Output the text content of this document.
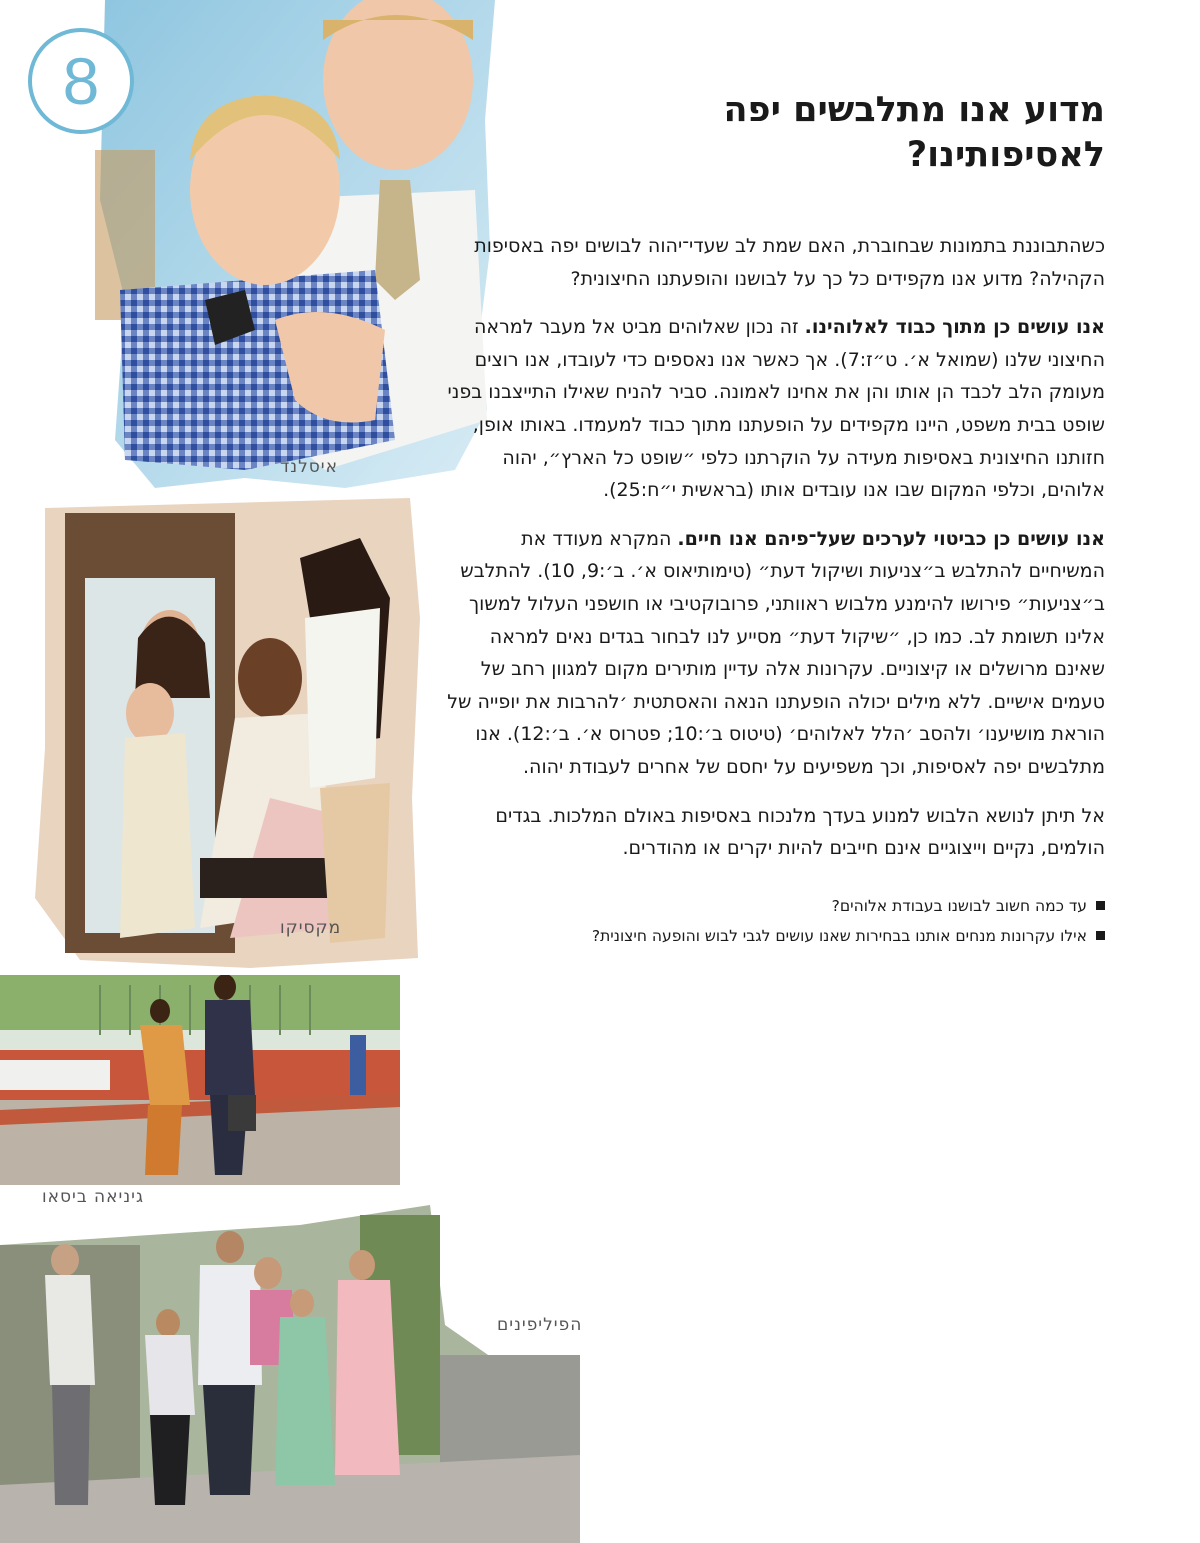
איסלנד
מקסיקו
גיניאה ביסאו
הפיליפינים
8	מדוע אנו מתלבשים יפה לאסיפותינו?

כשהתבוננת בתמונות שבחוברת, האם שמת לב שעדי־יהוה לבושים יפה באסיפות הקהילה? מדוע אנו מקפידים כל כך על לבושנו והופעתנו החיצונית?

אנו עושים כן מתוך כבוד לאלוהינו. זה נכון שאלוהים מביט אל מעבר למראה החיצוני שלנו (שמואל א׳. ט״ז:7). אך כאשר אנו נאספים כדי לעובדו, אנו רוצים מעומק הלב לכבד הן אותו והן את אחינו לאמונה. סביר להניח שאילו התייצבנו בפני שופט בבית משפט, היינו מקפידים על הופעתנו מתוך כבוד למעמדו. באותו אופן, חזותנו החיצונית באסיפות מעידה על הוקרתנו כלפי ״שופט כל הארץ״, יהוה אלוהים, וכלפי המקום שבו אנו עובדים אותו (בראשית י״ח:25).

אנו עושים כן כביטוי לערכים שעל־פיהם אנו חיים. המקרא מעודד את המשיחיים להתלבש ב״צניעות ושיקול דעת״ (טימותיאוס א׳. ב׳:9, 10). להתלבש ב״צניעות״ פירושו להימנע מלבוש ראוותני, פרובוקטיבי או חושפני העלול למשוך אלינו תשומת לב. כמו כן, ״שיקול דעת״ מסייע לנו לבחור בגדים נאים למראה שאינם מרושלים או קיצוניים. עקרונות אלה עדיין מותירים מקום למגוון רחב של טעמים אישיים. ללא מילים יכולה הופעתנו הנאה והאסתטית ׳להרבות את יופייה של הוראת מושיענו׳ ולהסב ׳הלל לאלוהים׳ (טיטוס ב׳:10; פטרוס א׳. ב׳:12). אנו מתלבשים יפה לאסיפות, וכך משפיעים על יחסם של אחרים לעבודת יהוה.

אל תיתן לנושא הלבוש למנוע בעדך מלנכוח באסיפות באולם המלכות. בגדים הולמים, נקיים וייצוגיים אינם חייבים להיות יקרים או מהודרים.

עד כמה חשוב לבושנו בעבודת אלוהים?
אילו עקרונות מנחים אותנו בבחירות שאנו עושים לגבי לבוש והופעה חיצונית?
